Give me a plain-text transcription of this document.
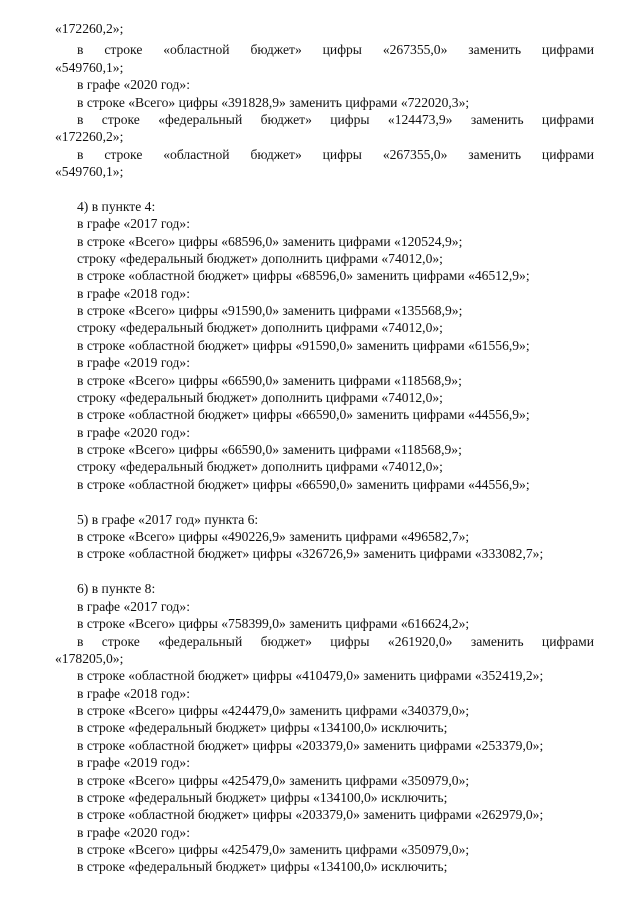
«172260,2»;
в строке «областной бюджет» цифры «267355,0» заменить цифрами
«549760,1»;
в графе «2020 год»:
в строке «Всего» цифры «391828,9» заменить цифрами «722020,3»;
в строке «федеральный бюджет» цифры «124473,9» заменить цифрами
«172260,2»;
в строке «областной бюджет» цифры «267355,0» заменить цифрами
«549760,1»;
4) в пункте 4:
в графе «2017 год»:
в строке «Всего» цифры «68596,0» заменить цифрами «120524,9»;
строку «федеральный бюджет» дополнить цифрами «74012,0»;
в строке «областной бюджет» цифры «68596,0» заменить цифрами «46512,9»;
в графе «2018 год»:
в строке «Всего» цифры «91590,0» заменить цифрами «135568,9»;
строку «федеральный бюджет» дополнить цифрами «74012,0»;
в строке «областной бюджет» цифры «91590,0» заменить цифрами «61556,9»;
в графе «2019 год»:
в строке «Всего» цифры «66590,0» заменить цифрами «118568,9»;
строку «федеральный бюджет» дополнить цифрами «74012,0»;
в строке «областной бюджет» цифры «66590,0» заменить цифрами «44556,9»;
в графе «2020 год»:
в строке «Всего» цифры «66590,0» заменить цифрами «118568,9»;
строку «федеральный бюджет» дополнить цифрами «74012,0»;
в строке «областной бюджет» цифры «66590,0» заменить цифрами «44556,9»;
5) в графе «2017 год» пункта 6:
в строке «Всего» цифры «490226,9» заменить цифрами «496582,7»;
в строке «областной бюджет» цифры «326726,9» заменить цифрами «333082,7»;
6) в пункте 8:
в графе «2017 год»:
в строке «Всего» цифры «758399,0» заменить цифрами «616624,2»;
в строке «федеральный бюджет» цифры «261920,0» заменить цифрами
«178205,0»;
в строке «областной бюджет» цифры «410479,0» заменить цифрами «352419,2»;
в графе «2018 год»:
в строке «Всего» цифры «424479,0» заменить цифрами «340379,0»;
в строке «федеральный бюджет» цифры «134100,0» исключить;
в строке «областной бюджет» цифры «203379,0» заменить цифрами «253379,0»;
в графе «2019 год»:
в строке «Всего» цифры «425479,0» заменить цифрами «350979,0»;
в строке «федеральный бюджет» цифры «134100,0» исключить;
в строке «областной бюджет» цифры «203379,0» заменить цифрами «262979,0»;
в графе «2020 год»:
в строке «Всего» цифры «425479,0» заменить цифрами «350979,0»;
в строке «федеральный бюджет» цифры «134100,0» исключить;
